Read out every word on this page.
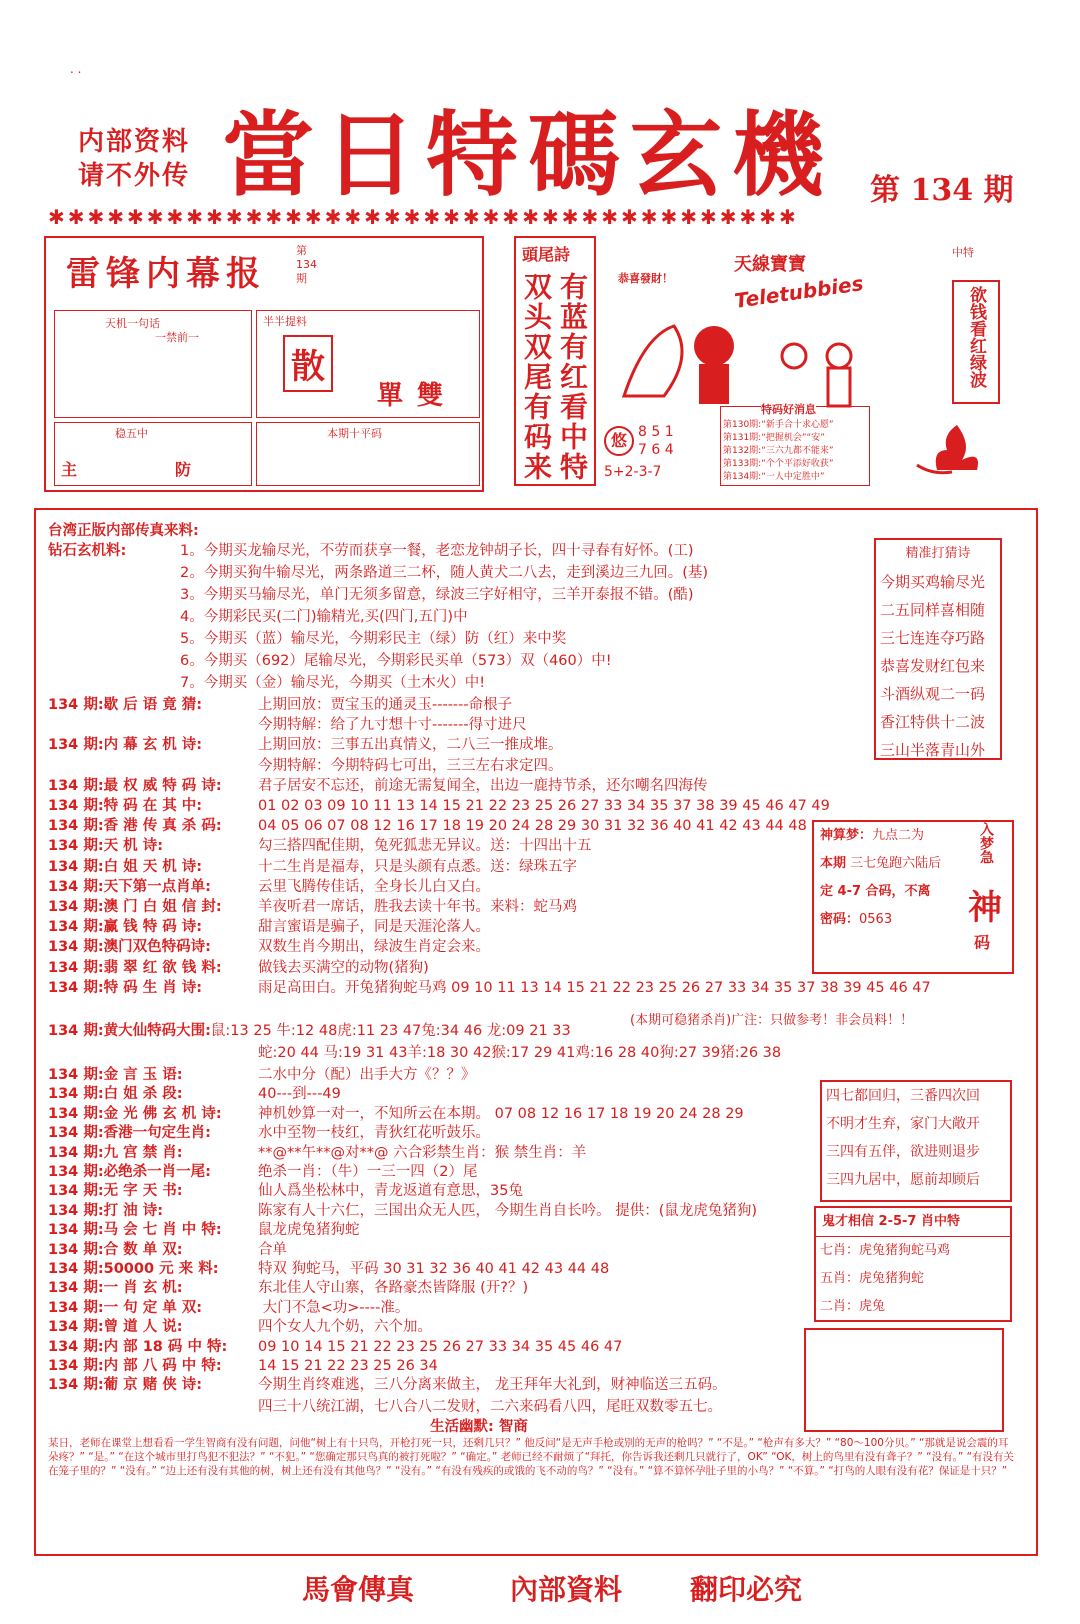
. .
内部资料
请不外传 當日特碼玄機 第 134 期
✱✱✱✱✱✱✱✱✱✱✱✱✱✱✱✱✱✱✱✱✱✱✱✱✱✱✱✱✱✱✱✱✱✱✱✱✱✱
雷锋内幕报
第
134
期
天机一句话
一禁前一
半半提料
散
單 雙
稳五中
主	防
本期十平码
頭尾詩
有蓝有红看中特
双头双尾有码来
天線寶寶
Teletubbies
恭喜發財！
悠 8 5 1
7 6 4
5+2-3-7
特码好消息
第130期:“新手合十求心愿”
第131期:“把握机会”“安”
第132期:“三六九都不能来”
第133期:“个个平添好收获”
第134期:“一人中定胜中”
中特
欲钱看红绿波
台湾正版内部传真来料:
钻石玄机料:	1。今期买龙输尽光，不劳而获享一餐，老恋龙钟胡子长，四十寻春有好怀。(工)
2。今期买狗牛输尽光，两条路道三二杯，随人黄犬二八去，走到溪边三九回。(基)
3。今期买马输尽光，单门无须多留意，绿波三字好相守，三羊开泰报不错。(酷)
4。今期彩民买(二门)输精光,买(四门,五门)中
5。今期买（蓝）输尽光，今期彩民主（绿）防（红）来中奖
6。今期买（692）尾输尽光，今期彩民买单（573）双（460）中!
7。今期买（金）输尽光，今期买（土木火）中!
134 期:歇 后 语 竟 猜:	上期回放：贾宝玉的通灵玉-------命根子
今期特解：给了九寸想十寸-------得寸进尺
134 期:内 幕 玄 机 诗:	上期回放：三事五出真情义，二八三一推成堆。
今期特解：今期特码七可出，三三左右求定四。
134 期:最 权 威 特 码 诗:	君子居安不忘还，前途无需复闻全，出边一鹿持节杀，还尔嘲名四海传
134 期:特 码 在 其 中:	01 02 03 09 10 11 13 14 15 21 22 23 25 26 27 33 34 35 37 38 39 45 46 47 49
134 期:香 港 传 真 杀 码:	04 05 06 07 08 12 16 17 18 19 20 24 28 29 30 31 32 36 40 41 42 43 44 48
134 期:天 机 诗:	勾三搭四配佳期，兔死狐悲无异议。送：十四出十五
134 期:白 姐 天 机 诗:	十二生肖是福寿，只是头颜有点悉。送：绿珠五字
134 期:天下第一点肖单:	云里飞腾传佳话，全身长儿白又白。
134 期:澳 门 白 姐 信 封:	羊夜听君一席话，胜我去读十年书。来料：蛇马鸡
134 期:赢 钱 特 码 诗:	甜言蜜语是骗子，同是天涯沦落人。
134 期:澳门双色特码诗:	双数生肖今期出，绿波生肖定会来。
134 期:翡 翠 红 欲 钱 料:	做钱去买满空的动物(猪狗)
134 期:特 码 生 肖 诗:	雨足高田白。开兔猪狗蛇马鸡 09 10 11 13 14 15 21 22 23 25 26 27 33 34 35 37 38 39 45 46 47
134 期:金 言 玉 语:	二水中分（配）出手大方《？？》
134 期:白 姐 杀 段:	40---到---49
134 期:金 光 佛 玄 机 诗:	神机妙算一对一，不知所云在本期。 07 08 12 16 17 18 19 20 24 28 29
134 期:香港一句定生肖:	水中至物一枝红，青狄红花听鼓乐。
134 期:九 宫 禁 肖:	**@**午**@对**@ 六合彩禁生肖：猴 禁生肖：羊
134 期:必绝杀一肖一尾:	绝杀一肖：（牛）一三一四（2）尾
134 期:无 字 天 书:	仙人爲坐松林中，青龙返道有意思，35兔
134 期:打 油 诗:	陈家有人十六仁，三国出众无人匹， 今期生肖自长吟。 提供：(鼠龙虎兔猪狗)
134 期:马 会 七 肖 中 特:	鼠龙虎兔猪狗蛇
134 期:合 数 单 双:	合单
134 期:50000 元 来 料:	特双 狗蛇马，平码 30 31 32 36 40 41 42 43 44 48
134 期:一 肖 玄 机:	东北佳人守山寨，各路豪杰皆降服 (开?？)
134 期:一 句 定 单 双:	大门不急<功>----准。
134 期:曾 道 人 说:	四个女人九个奶，六个加。
134 期:内 部 18 码 中 特: 09 10 14 15 21 22 23 25 26 27 33 34 35 45 46 47
134 期:内 部 八 码 中 特:	14 15 21 22 23 25 26 34
134 期:葡 京 赌 侠 诗:	今期生肖终难逃，三八分离来做主， 龙王拜年大礼到，财神临送三五码。
134 期:黄大仙特码大围:鼠:13 25 牛:12 48虎:11 23 47兔:34 46 龙:09 21 33
(本期可稳猪杀肖)广注：只做参考！非会员料！！
蛇:20 44 马:19 31 43羊:18 30 42猴:17 29 41鸡:16 28 40狗:27 39猪:26 38
四三十八统江湖，七八合八二发财，二六来码看八四，尾旺双数零五七。
生活幽默: 智商
某日，老师在课堂上想看看一学生智商有没有问题，问他“树上有十只鸟，开枪打死一只，还剩几只？” 他反问“是无声手枪或别的无声的枪吗？” “不是。” “枪声有多大？” “80～100分贝。” “那就是说会震的耳朵疼？” “是。” “在这个城市里打鸟犯不犯法？” “不犯。” “您确定那只鸟真的被打死啦？” “确定。” 老师已经不耐烦了“拜托，你告诉我还剩几只就行了，OK” “OK，树上的鸟里有没有聋子？” “没有。” “有没有关在笼子里的？” “没有。” “边上还有没有其他的树，树上还有没有其他鸟？” “没有。” “有没有残疾的或饿的飞不动的鸟？” “没有。” “算不算怀孕肚子里的小鸟？” “不算。” “打鸟的人眼有没有花？保证是十只？”
精准打猜诗
今期买鸡输尽光
二五同样喜相随
三七连连夺巧路
恭喜发财红包来
斗酒纵观二一码
香江特供十二波
三山半落青山外
神算梦：九点二为
本期 三七兔跑六陆后
定 4-7 合码，不离
密码：0563
入梦急
神
码
四七都回归，三番四次回
不明才生弃，家门大敞开
三四有五伴，欲进则退步
三四九居中，愿前却顾后
鬼才相信 2-5-7 肖中特
七肖：虎兔猪狗蛇马鸡
五肖：虎兔猪狗蛇
二肖：虎兔
馬會傳真	內部資料 翻印必究
